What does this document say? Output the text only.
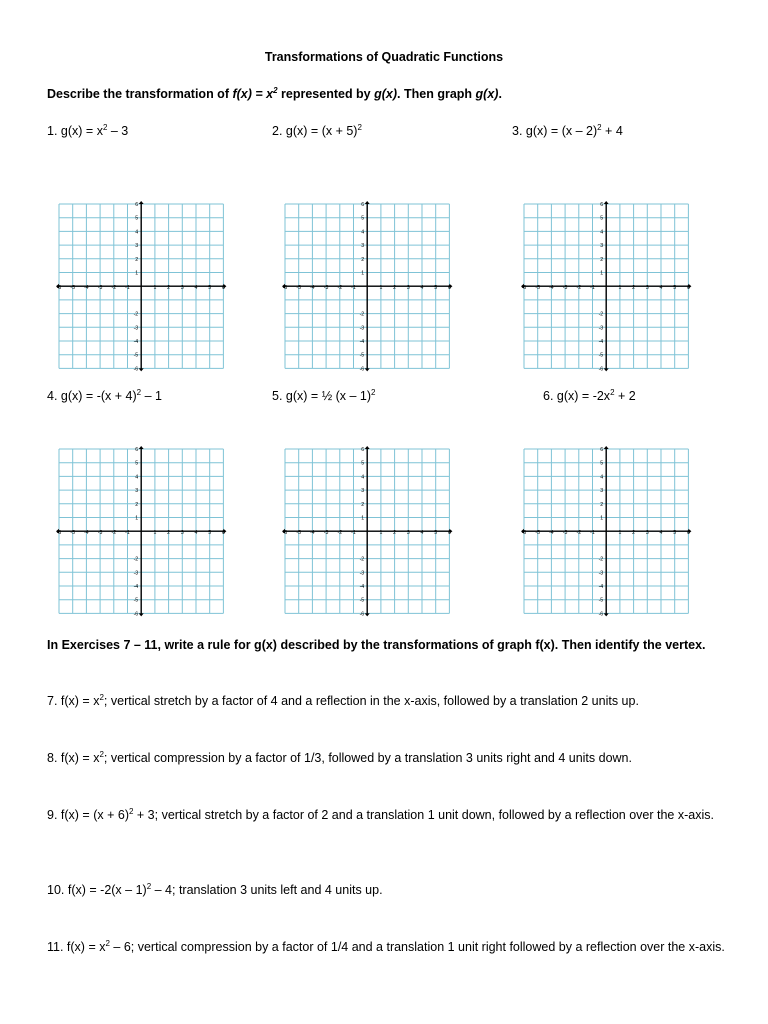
Transformations of Quadratic Functions
Describe the transformation of $f(x) = x^2$ represented by g(x). Then graph g(x).
1. $g(x) = x^2 - 3$	2. $g(x) = (x + 5)^2$	3. g(x) = (x – 2)$^2$ + 4
4. $g(x) = -(x + 4)^2 - 1$	5. g(x) = ½ (x – 1)$^2$	6. $g(x) = -2x^2 + 2$
-6 -5 -4 -3 -2 -1	1 2 3 4 5 6
6
5
4
3
2
1
-2
-3
-4
-5
-6
-6 -5 -4 -3 -2 -1	1 2 3 4 5 6
6
5
4
3
2
1
-2
-3
-4
-5
-6
-6 -5 -4 -3 -2 -1	1 2 3 4 5 6
6
5
4
3
2
1
-2
-3
-4
-5
-6
-6 -5 -4 -3 -2 -1	1 2 3 4 5 6
6
5
4
3
2
1
-2
-3
-4
-5
-6
-6 -5 -4 -3 -2 -1	1 2 3 4 5 6
6
5
4
3
2
1
-2
-3
-4
-5
-6
-6 -5 -4 -3 -2 -1	1 2 3 4 5 6
6
5
4
3
2
1
-2
-3
-4
-5
-6
In Exercises 7 – 11, write a rule for g(x) described by the transformations of graph f(x). Then identify the vertex.
7. $f(x) = x^2$; vertical stretch by a factor of 4 and a reflection in the x-axis, followed by a translation 2 units up.
8. $f(x) = x^2$; vertical compression by a factor of 1/3, followed by a translation 3 units right and 4 units down.
9. $f(x) = (x + 6)^2 + 3$; vertical stretch by a factor of 2 and a translation 1 unit down, followed by a reflection over the x-axis.
10. f(x) = -2(x – 1)$^2$ – 4; translation 3 units left and 4 units up.
11. $f(x) = x^2 - 6$; vertical compression by a factor of 1/4 and a translation 1 unit right followed by a reflection over the x-axis.
